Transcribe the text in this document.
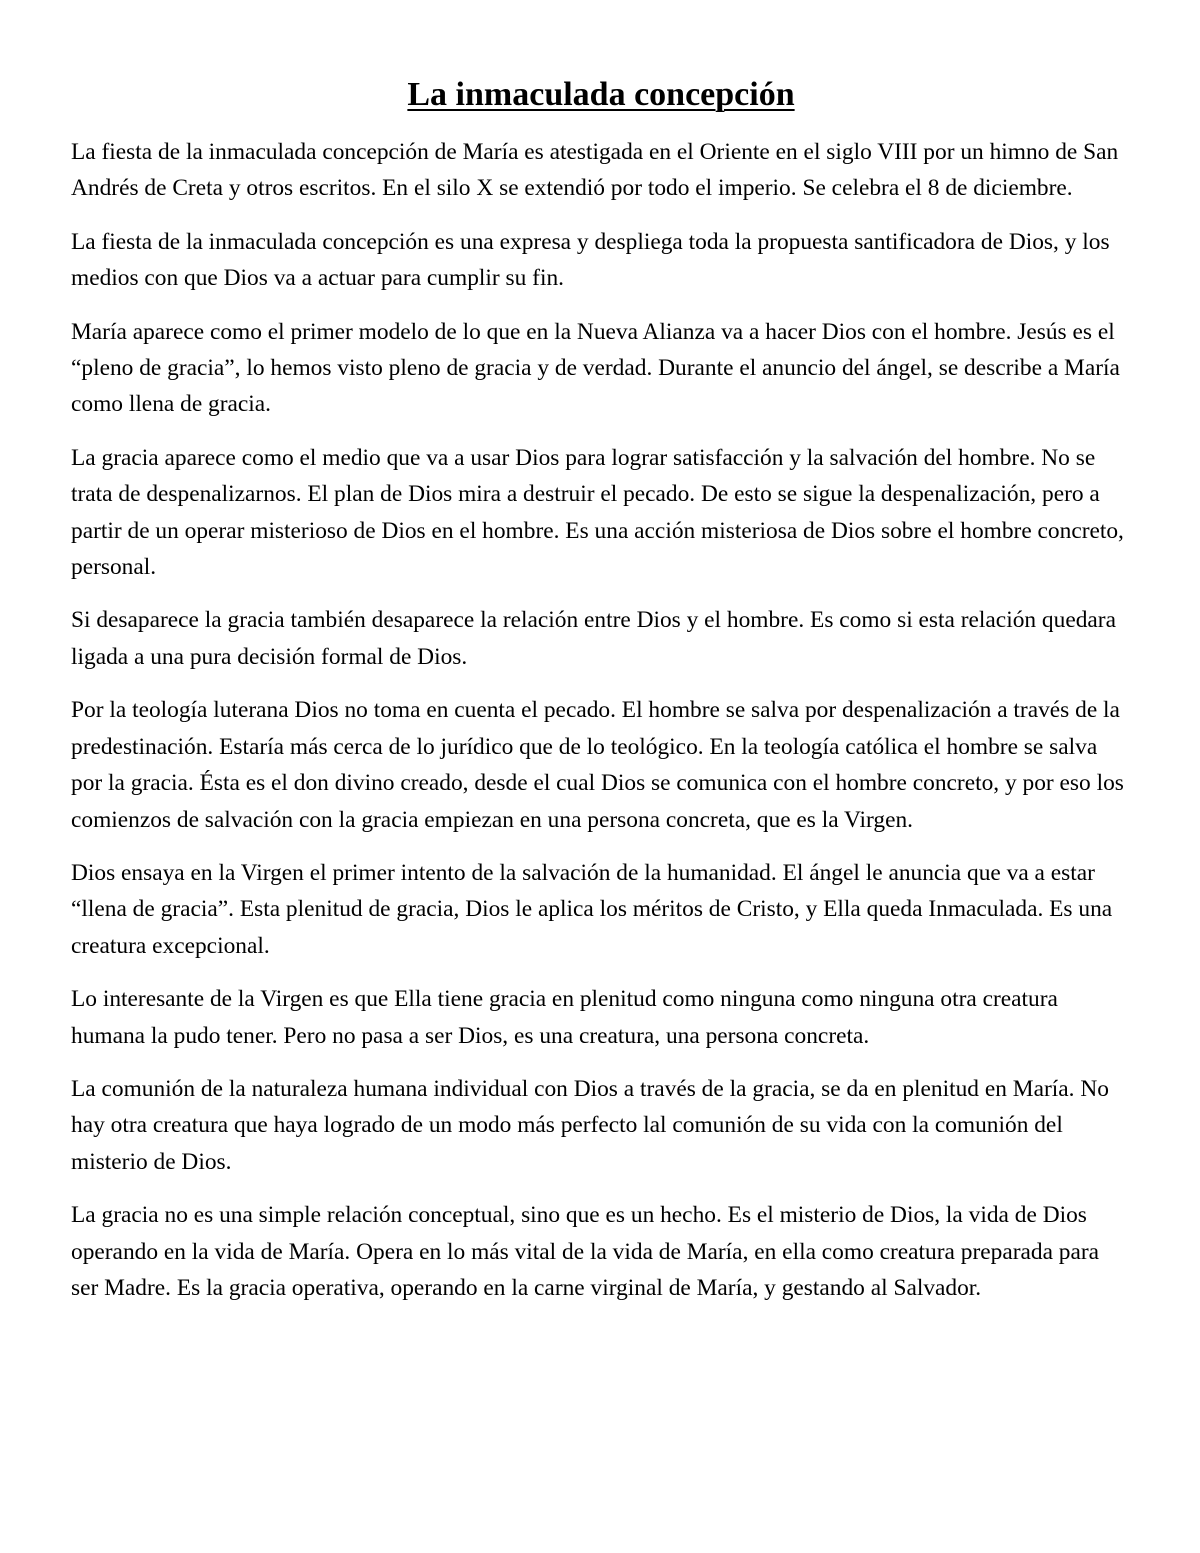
La inmaculada concepción

La fiesta de la inmaculada concepción de María es atestigada en el Oriente en el siglo VIII por un himno de San Andrés de Creta y otros escritos. En el silo X se extendió por todo el imperio. Se celebra el 8 de diciembre.

La fiesta de la inmaculada concepción es una expresa y despliega toda la propuesta santificadora de Dios, y los medios con que Dios va a actuar para cumplir su fin.

María aparece como el primer modelo de lo que en la Nueva Alianza va a hacer Dios con el hombre. Jesús es el “pleno de gracia”, lo hemos visto pleno de gracia y de verdad. Durante el anuncio del ángel, se describe a María como llena de gracia.

La gracia aparece como el medio que va a usar Dios para lograr satisfacción y la salvación del hombre. No se trata de despenalizarnos. El plan de Dios mira a destruir el pecado. De esto se sigue la despenalización, pero a partir de un operar misterioso de Dios en el hombre. Es una acción misteriosa de Dios sobre el hombre concreto, personal.

Si desaparece la gracia también desaparece la relación entre Dios y el hombre. Es como si esta relación quedara ligada a una pura decisión formal de Dios.

Por la teología luterana Dios no toma en cuenta el pecado. El hombre se salva por despenalización a través de la predestinación. Estaría más cerca de lo jurídico que de lo teológico. En la teología católica el hombre se salva por la gracia. Ésta es el don divino creado, desde el cual Dios se comunica con el hombre concreto, y por eso los comienzos de salvación con la gracia empiezan en una persona concreta, que es la Virgen.

Dios ensaya en la Virgen el primer intento de la salvación de la humanidad. El ángel le anuncia que va a estar “llena de gracia”. Esta plenitud de gracia, Dios le aplica los méritos de Cristo, y Ella queda Inmaculada. Es una creatura excepcional.

Lo interesante de la Virgen es que Ella tiene gracia en plenitud como ninguna como ninguna otra creatura humana la pudo tener. Pero no pasa a ser Dios, es una creatura, una persona concreta.

La comunión de la naturaleza humana individual con Dios a través de la gracia, se da en plenitud en María. No hay otra creatura que haya logrado de un modo más perfecto lal comunión de su vida con la comunión del misterio de Dios.

La gracia no es una simple relación conceptual, sino que es un hecho. Es el misterio de Dios, la vida de Dios operando en la vida de María. Opera en lo más vital de la vida de María, en ella como creatura preparada para ser Madre. Es la gracia operativa, operando en la carne virginal de María, y gestando al Salvador.
